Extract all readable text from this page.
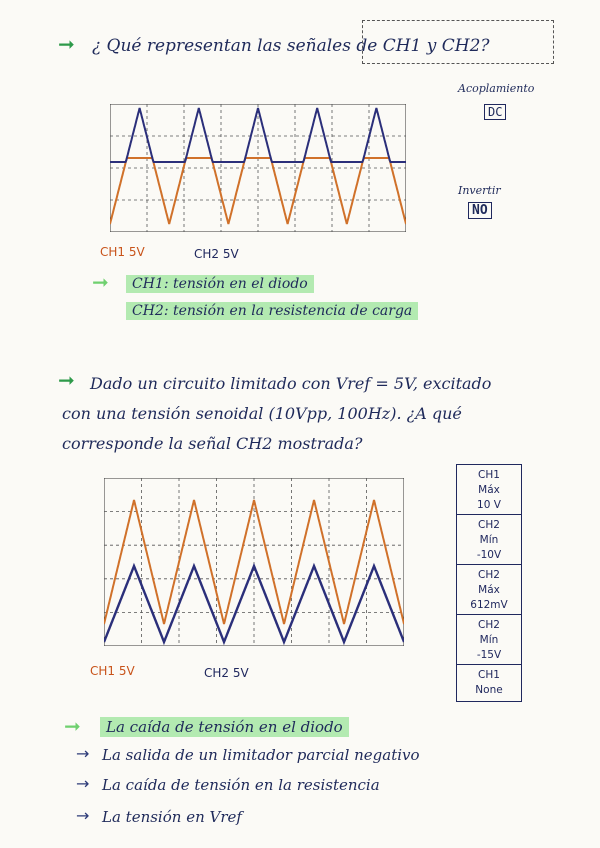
➞ ¿ Qué representan las señales de CH1 y CH2?
Acoplamiento
DC
Invertir
NO
CH1 5V	CH2 5V
➞	CH1: tensión en el diodo
CH2: tensión en la resistencia de carga
➞ Dado un circuito limitado con Vref = 5V, excitado
con una tensión senoidal (10Vpp, 100Hz). ¿A qué
corresponde la señal CH2 mostrada?
CH1 5V	CH2 5V
CH1
Máx
10 V
CH2
Mín
-10V
CH2
Máx
612mV
CH2
Mín
-15V
CH1
None
➞	La caída de tensión en el diodo
→ La salida de un limitador parcial negativo
→ La caída de tensión en la resistencia
→ La tensión en Vref
